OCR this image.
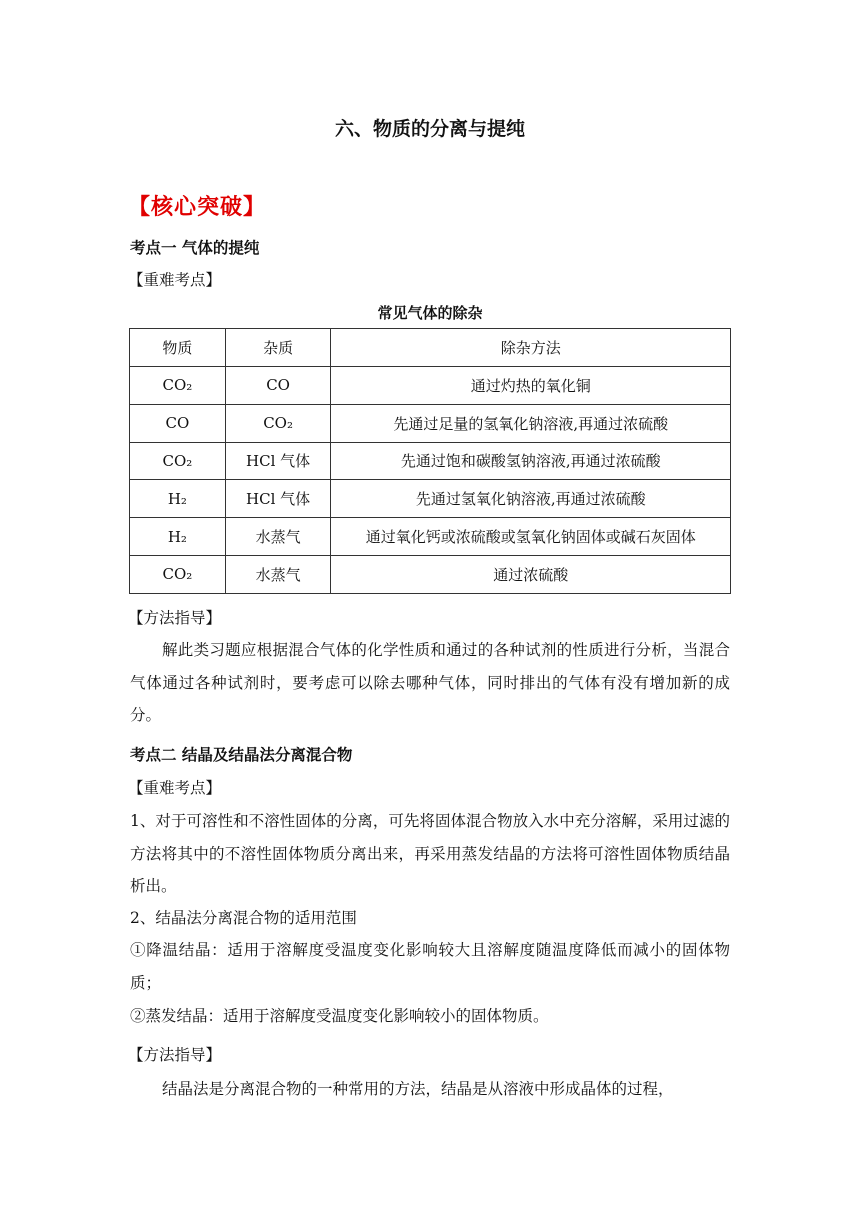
六、物质的分离与提纯
【核心突破】
考点一 气体的提纯
【重难考点】
常见气体的除杂
物质	杂质	除杂方法
CO₂	CO	通过灼热的氧化铜
CO	CO₂	先通过足量的氢氧化钠溶液,再通过浓硫酸
CO₂	HCl 气体	先通过饱和碳酸氢钠溶液,再通过浓硫酸
H₂	HCl 气体	先通过氢氧化钠溶液,再通过浓硫酸
H₂	水蒸气	通过氧化钙或浓硫酸或氢氧化钠固体或碱石灰固体
CO₂	水蒸气	通过浓硫酸
【方法指导】
解此类习题应根据混合气体的化学性质和通过的各种试剂的性质进行分析，当混合气体通过各种试剂时，要考虑可以除去哪种气体，同时排出的气体有没有增加新的成分。
考点二 结晶及结晶法分离混合物
【重难考点】
1、对于可溶性和不溶性固体的分离，可先将固体混合物放入水中充分溶解，采用过滤的方法将其中的不溶性固体物质分离出来，再采用蒸发结晶的方法将可溶性固体物质结晶析出。
2、结晶法分离混合物的适用范围
①降温结晶：适用于溶解度受温度变化影响较大且溶解度随温度降低而减小的固体物质；
②蒸发结晶：适用于溶解度受温度变化影响较小的固体物质。
【方法指导】
结晶法是分离混合物的一种常用的方法，结晶是从溶液中形成晶体的过程，
